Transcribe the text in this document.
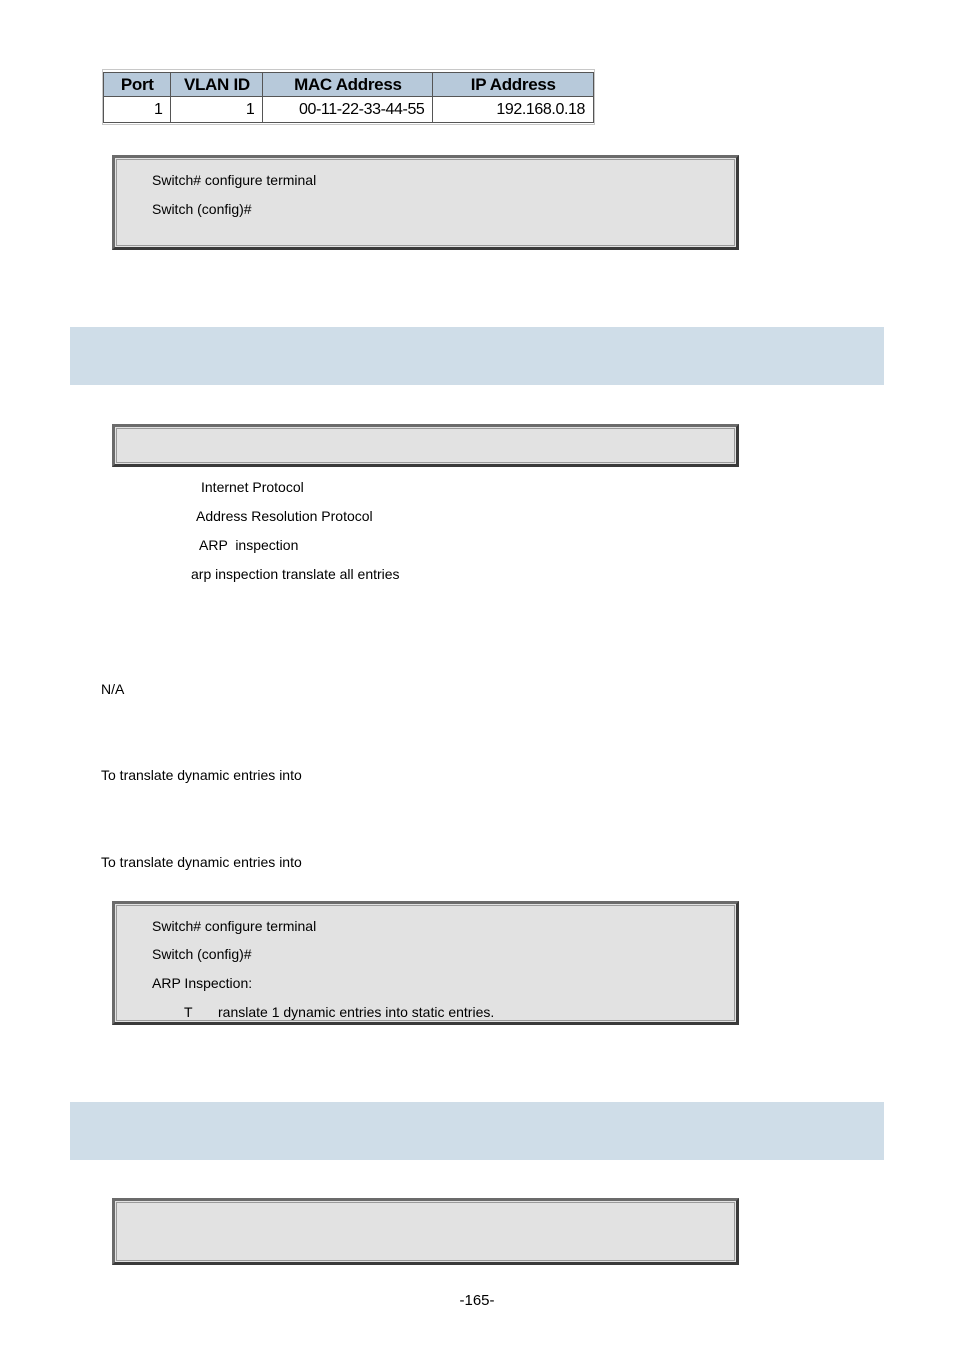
Port	VLAN ID	MAC Address	IP Address
1	1	00-11-22-33-44-55	192.168.0.18
Switch# configure terminal
Switch (config)#
Internet Protocol
Address Resolution Protocol
ARP  inspection
arp inspection translate all entries
N/A
To translate dynamic entries into
To translate dynamic entries into
Switch# configure terminal
Switch (config)#
ARP Inspection:
T ranslate 1 dynamic entries into static entries.
-165-
